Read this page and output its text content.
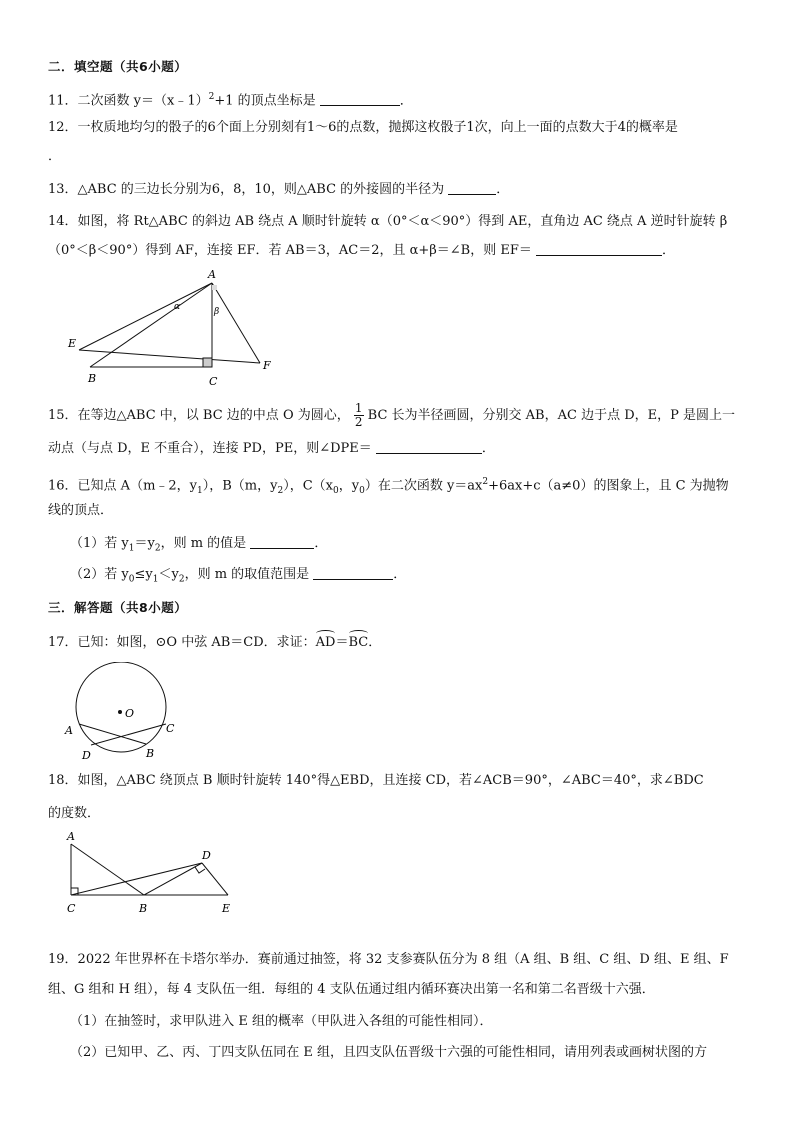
二．填空题（共6小题）
11．二次函数 y＝（x﹣1）$^2$+1 的顶点坐标是	．
12．一枚质地均匀的骰子的6个面上分别刻有1～6的点数，抛掷这枚骰子1次，向上一面的点数大于4的概率是
．
13．△ABC 的三边长分别为6，8，10，则△ABC 的外接圆的半径为	．
14．如图，将 Rt△ABC 的斜边 AB 绕点 A 顺时针旋转 α（0°＜α＜90°）得到 AE，直角边 AC 绕点 A 逆时针旋转 β
（0°＜β＜90°）得到 AF，连接 EF．若 AB＝3，AC＝2，且 α+β＝∠B，则 EF＝	．
A
B	C
E
F
α	β
15．在等边△ABC 中，以 BC 边的中点 O 为圆心， $\frac{1}{2}$ BC 长为半径画圆，分别交 AB，AC 边于点 D，E，P 是圆上一
动点（与点 D，E 不重合），连接 PD，PE，则∠DPE＝	．
16．已知点 A（m﹣2，$y_1$），B（m，$y_2$），$C(x_0$，$y_0$）在二次函数 $y=ax^2+6ax+c(a\ne 0)$的图象上，且 C 为抛物
线的顶点．
（1）若 $y_1=y_2$，则 m 的值是	．
（2）若 $y_0\le y_1<y_2$，则 m 的取值范围是	．
三．解答题（共8小题）
17．已知：如图，⊙O 中弦 AB＝CD．求证：AD＝BC．
O
A	C
D	B
18．如图，△ABC 绕顶点 B 顺时针旋转 140°得△EBD，且连接 CD，若∠ACB＝90°，∠ABC＝40°，求∠BDC
的度数．
A
C	B
D
E
19．2022 年世界杯在卡塔尔举办．赛前通过抽签，将 32 支参赛队伍分为 8 组（A 组、B 组、C 组、D 组、E 组、F
组、G 组和 H 组），每 4 支队伍一组．每组的 4 支队伍通过组内循环赛决出第一名和第二名晋级十六强．
（1）在抽签时，求甲队进入 E 组的概率（甲队进入各组的可能性相同）．
（2）已知甲、乙、丙、丁四支队伍同在 E 组，且四支队伍晋级十六强的可能性相同，请用列表或画树状图的方
